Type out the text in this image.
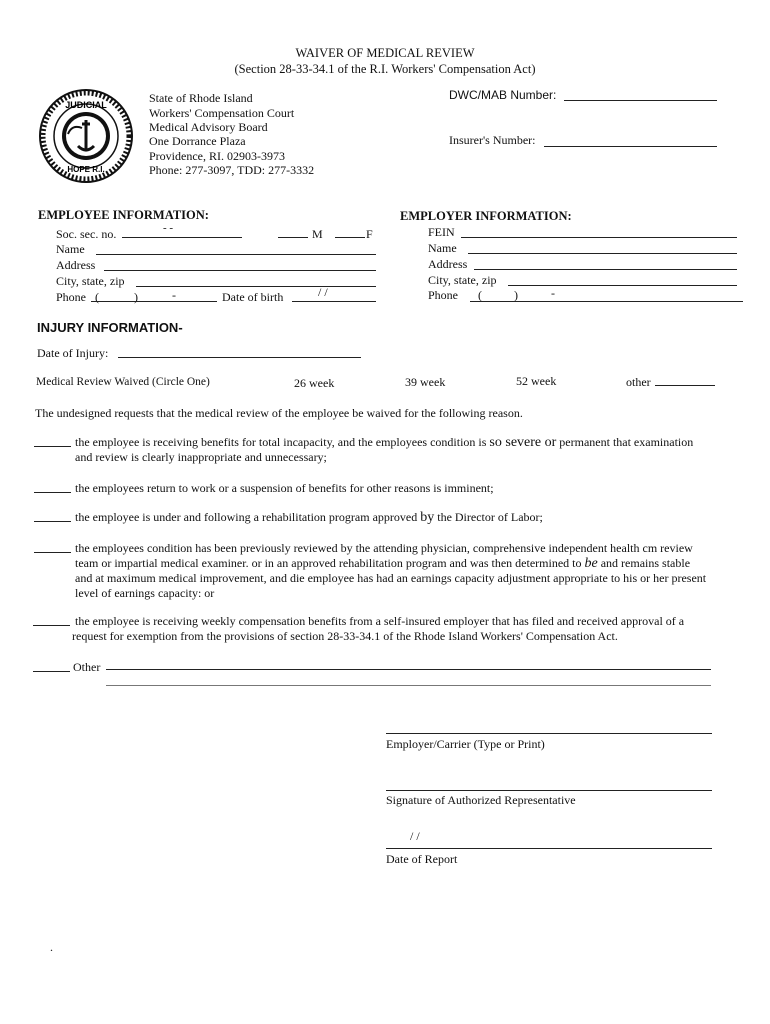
WAIVER OF MEDICAL REVIEW
(Section 28-33-34.1 of the R.I. Workers' Compensation Act)
JUDICIAL
HOPE R.I.
State of Rhode Island
Workers' Compensation Court
Medical Advisory Board
One Dorrance Plaza
Providence, RI. 02903-3973
Phone: 277-3097, TDD: 277-3332
DWC/MAB Number:
Insurer's Number:
EMPLOYEE INFORMATION:
Soc. sec. no.	- -	M	F
Name
Address
City, state, zip
Phone (	)	-	Date of birth	/ /
EMPLOYER INFORMATION:
FEIN
Name
Address
City, state, zip
Phone (	)	-
INJURY INFORMATION-
Date of Injury:
Medical Review Waived (Circle One)	26 week	39 week	52 week	other
The undesigned requests that the medical review of the employee be waived for the following reason.
the employee is receiving benefits for total incapacity, and the employees condition is so severe or permanent that examination and review is clearly inappropriate and unnecessary;
the employees return to work or a suspension of benefits for other reasons is imminent;
the employee is under and following a rehabilitation program approved by the Director of Labor;
the employees condition has been previously reviewed by the attending physician, comprehensive independent health cm review team or impartial medical examiner. or in an approved rehabilitation program and was then determined to be and remains stable and at maximum medical improvement, and die employee has had an earnings capacity adjustment appropriate to his or her present level of earnings capacity: or
the employee is receiving weekly compensation benefits from a self-insured employer that has filed and received approval of a request for exemption from the provisions of section 28-33-34.1 of the Rhode Island Workers' Compensation Act.
Other
Employer/Carrier (Type or Print)
Signature of Authorized Representative
/ /
Date of Report
.
